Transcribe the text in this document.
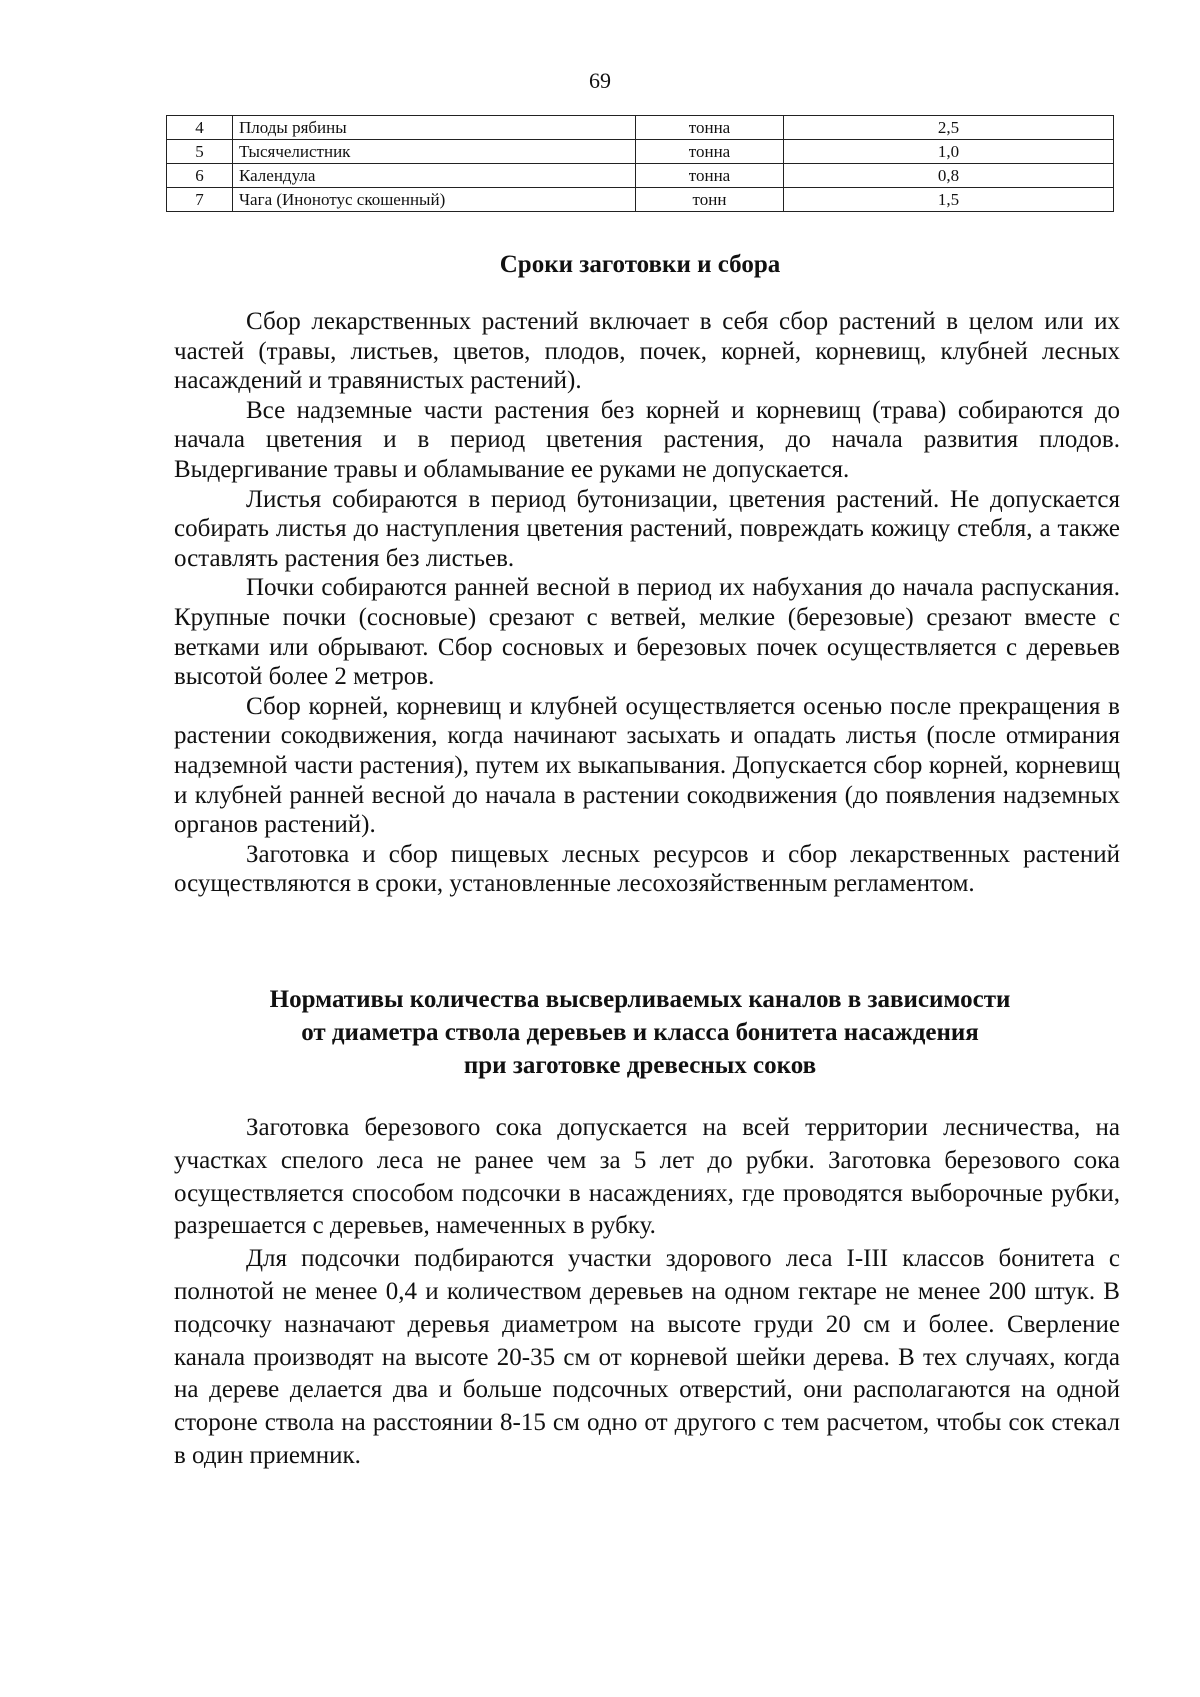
69
4	Плоды рябины	тонна	2,5
5	Тысячелистник	тонна	1,0
6	Календула	тонна	0,8
7	Чага (Инонотус скошенный)	тонн	1,5
Сроки заготовки и сбора

Сбор лекарственных растений включает в себя сбор растений в целом или их частей (травы, листьев, цветов, плодов, почек, корней, корневищ, клубней лесных насаждений и травянистых растений).

Все надземные части растения без корней и корневищ (трава) собираются до начала цветения и в период цветения растения, до начала развития плодов. Выдергивание травы и обламывание ее руками не допускается.

Листья собираются в период бутонизации, цветения растений. Не допускается собирать листья до наступления цветения растений, повреждать кожицу стебля, а также оставлять растения без листьев.

Почки собираются ранней весной в период их набухания до начала распускания. Крупные почки (сосновые) срезают с ветвей, мелкие (березовые) срезают вместе с ветками или обрывают. Сбор сосновых и березовых почек осуществляется с деревьев высотой более 2 метров.

Сбор корней, корневищ и клубней осуществляется осенью после прекращения в растении сокодвижения, когда начинают засыхать и опадать листья (после отмирания надземной части растения), путем их выкапывания. Допускается сбор корней, корневищ и клубней ранней весной до начала в растении сокодвижения (до появления надземных органов растений).

Заготовка и сбор пищевых лесных ресурсов и сбор лекарственных растений осуществляются в сроки, установленные лесохозяйственным регламентом.

Нормативы количества высверливаемых каналов в зависимости
от диаметра ствола деревьев и класса бонитета насаждения
при заготовке древесных соков

Заготовка березового сока допускается на всей территории лесничества, на участках спелого леса не ранее чем за 5 лет до рубки. Заготовка березового сока осуществляется способом подсочки в насаждениях, где проводятся выборочные рубки, разрешается с деревьев, намеченных в рубку.

Для подсочки подбираются участки здорового леса I-III классов бонитета с полнотой не менее 0,4 и количеством деревьев на одном гектаре не менее 200 штук. В подсочку назначают деревья диаметром на высоте груди 20 см и более. Сверление канала производят на высоте 20-35 см от корневой шейки дерева. В тех случаях, когда на дереве делается два и больше подсочных отверстий, они располагаются на одной стороне ствола на расстоянии 8-15 см одно от другого с тем расчетом, чтобы сок стекал в один приемник.
